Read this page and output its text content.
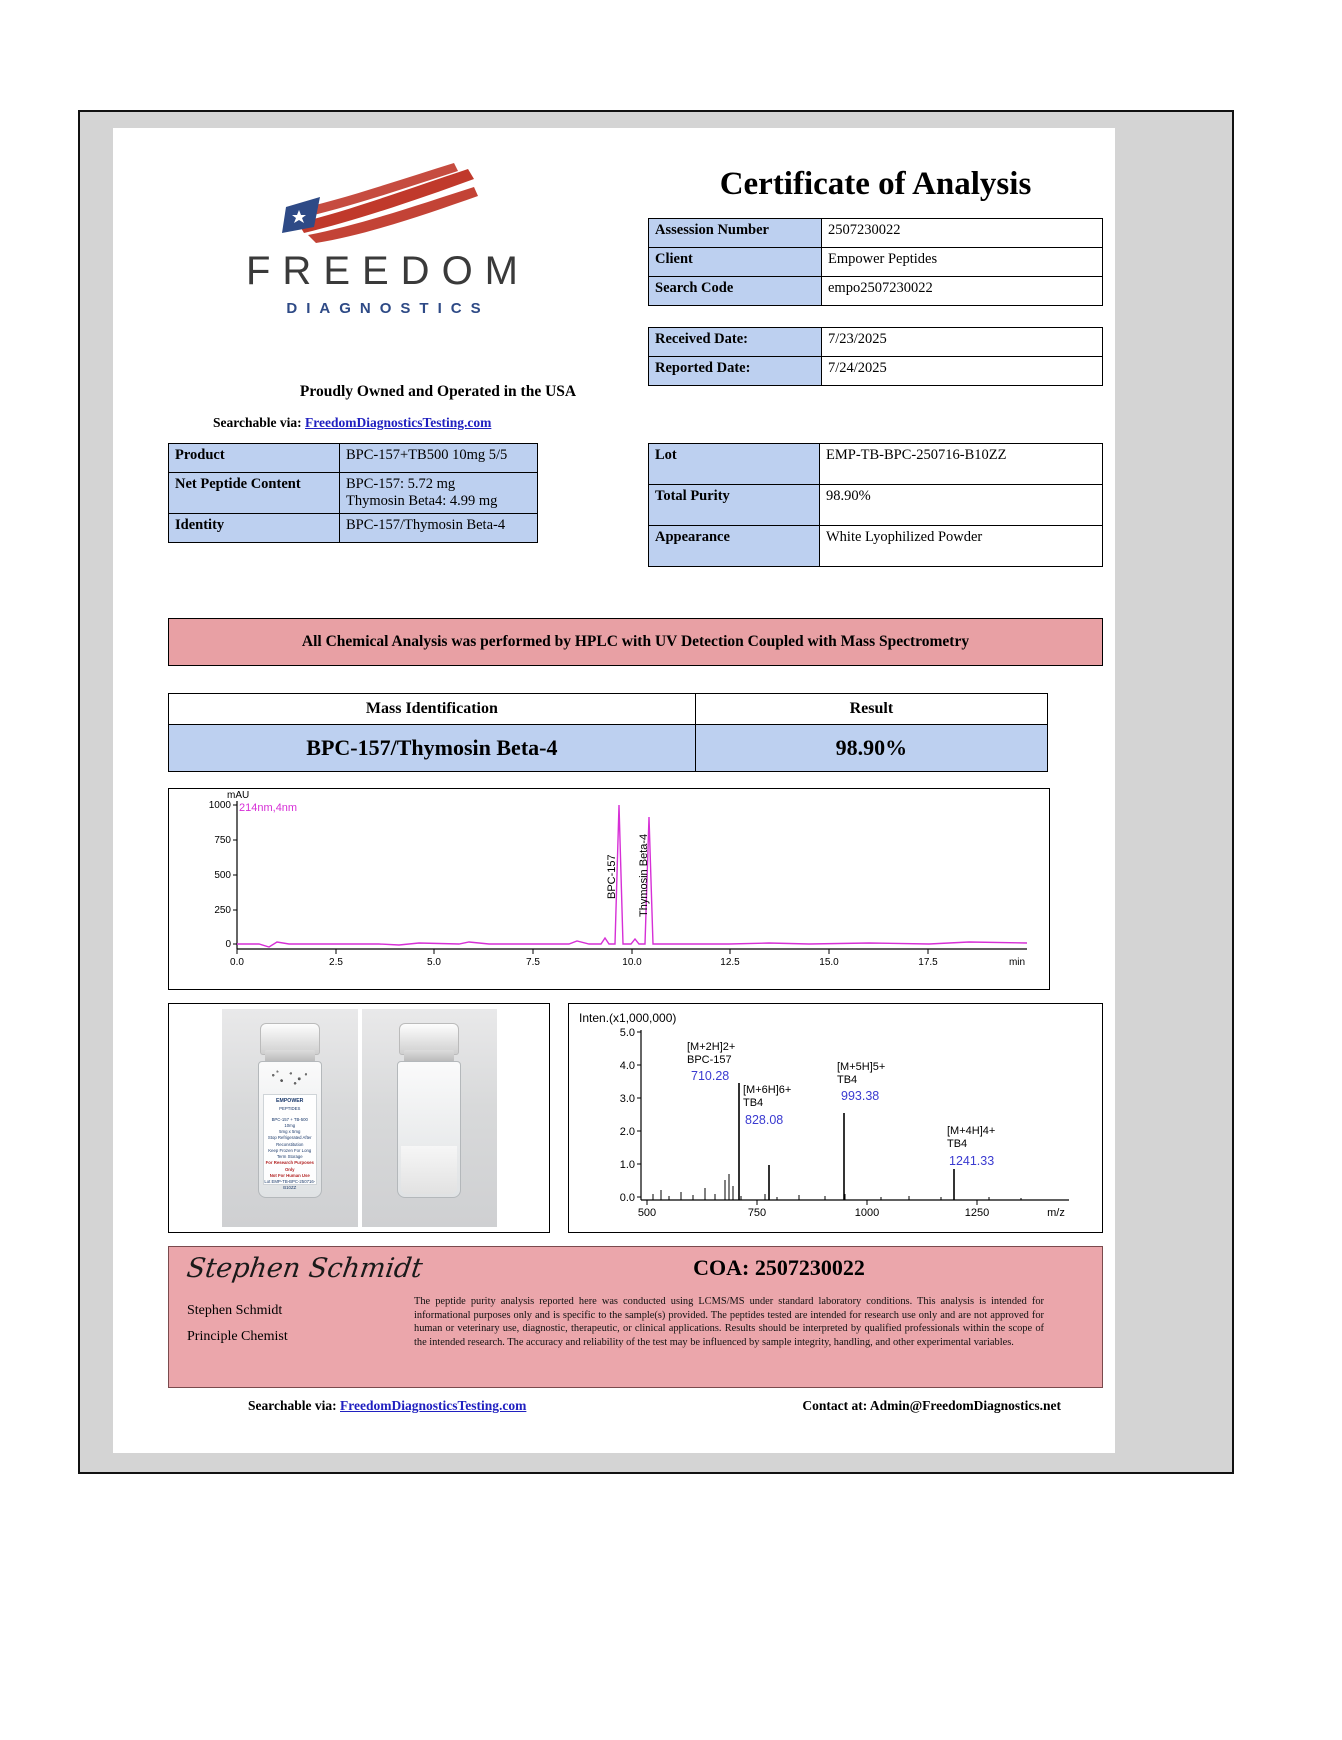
FREEDOM
DIAGNOSTICS
Proudly Owned and Operated in the USA
Searchable via: FreedomDiagnosticsTesting.com
Certificate of Analysis
Assession Number	2507230022
Client	Empower Peptides
Search Code	empo2507230022
Received Date:	7/23/2025
Reported Date:	7/24/2025
Product	BPC-157+TB500 10mg 5/5
Net Peptide Content	BPC-157: 5.72 mg
Thymosin Beta4: 4.99 mg
Identity	BPC-157/Thymosin Beta-4
Lot	EMP-TB-BPC-250716-B10ZZ
Total Purity	98.90%
Appearance	White Lyophilized Powder
All Chemical Analysis was performed by HPLC with UV Detection Coupled with Mass Spectrometry
Mass Identification	Result
BPC-157/Thymosin Beta-4	98.90%
1000
750
500
250
0
mAU
0.0	2.5	5.0	7.5	10.0	12.5	15.0	17.5	min
214nm,4nm
BPC-157 Thymosin Beta-4
EMPOWER
PEPTIDES
BPC-157 + TB-500
10mg
5mg x 5mg
Stop Refrigerated After Reconstitution
Keep Frozen For Long Term Storage
For Research Purposes Only
Not For Human Use
Lot EMP-TB-BPC-250716-B10ZZ
Inten.(x1,000,000)
5.0
4.0
3.0
2.0
1.0
0.0
500	750	1000	1250	m/z
[M+2H]2+
BPC-157
[M+6H]6+
TB4
[M+5H]5+
TB4
[M+4H]4+
TB4
710.28
828.08
993.38
1241.33
Stephen Schmidt
Stephen Schmidt
Principle Chemist
COA: 2507230022
The peptide purity analysis reported here was conducted using LCMS/MS under standard laboratory conditions. This analysis is intended for informational purposes only and is specific to the sample(s) provided. The peptides tested are intended for research use only and are not approved for human or veterinary use, diagnostic, therapeutic, or clinical applications. Results should be interpreted by qualified professionals within the scope of the intended research. The accuracy and reliability of the test may be influenced by sample integrity, handling, and other experimental variables.
Searchable via: FreedomDiagnosticsTesting.com	Contact at: Admin@FreedomDiagnostics.net
